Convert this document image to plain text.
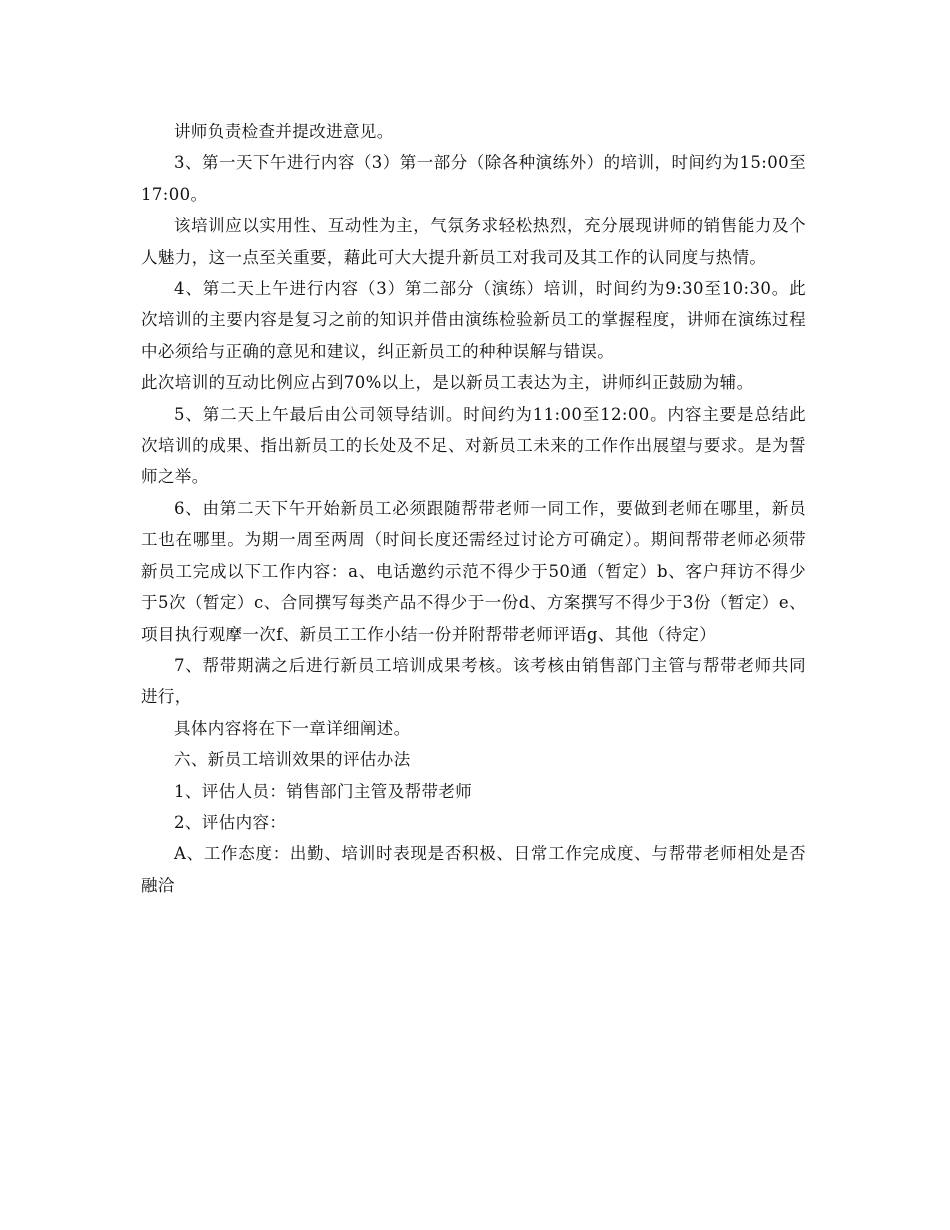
讲师负责检查并提改进意见。

3、第一天下午进行内容（3）第一部分（除各种演练外）的培训，时间约为15:00至17:00。

该培训应以实用性、互动性为主，气氛务求轻松热烈，充分展现讲师的销售能力及个人魅力，这一点至关重要，藉此可大大提升新员工对我司及其工作的认同度与热情。

4、第二天上午进行内容（3）第二部分（演练）培训，时间约为9:30至10:30。此次培训的主要内容是复习之前的知识并借由演练检验新员工的掌握程度，讲师在演练过程中必须给与正确的意见和建议，纠正新员工的种种误解与错误。

此次培训的互动比例应占到70%以上，是以新员工表达为主，讲师纠正鼓励为辅。

5、第二天上午最后由公司领导结训。时间约为11:00至12:00。内容主要是总结此次培训的成果、指出新员工的长处及不足、对新员工未来的工作作出展望与要求。是为誓师之举。

6、由第二天下午开始新员工必须跟随帮带老师一同工作，要做到老师在哪里，新员工也在哪里。为期一周至两周（时间长度还需经过讨论方可确定）。期间帮带老师必须带新员工完成以下工作内容：a、电话邀约示范不得少于50通（暂定）b、客户拜访不得少于5次（暂定）c、合同撰写每类产品不得少于一份d、方案撰写不得少于3份（暂定）e、项目执行观摩一次f、新员工工作小结一份并附帮带老师评语g、其他（待定）

7、帮带期满之后进行新员工培训成果考核。该考核由销售部门主管与帮带老师共同进行，

具体内容将在下一章详细阐述。

六、新员工培训效果的评估办法

1、评估人员：销售部门主管及帮带老师

2、评估内容：

A、工作态度：出勤、培训时表现是否积极、日常工作完成度、与帮带老师相处是否融洽
